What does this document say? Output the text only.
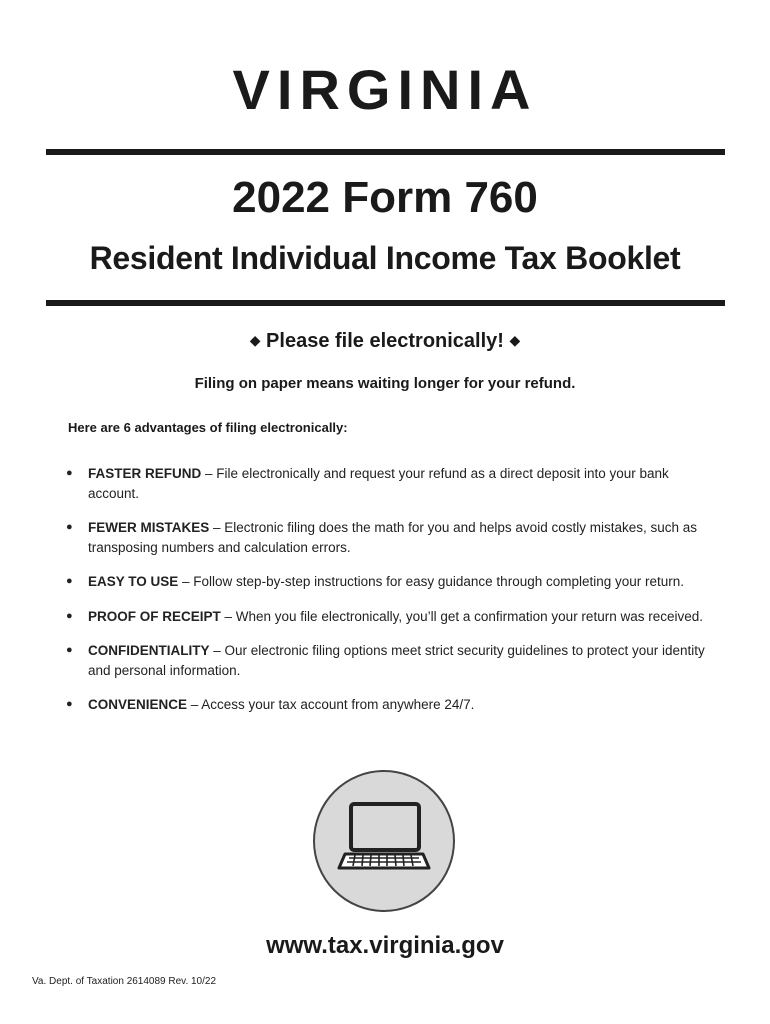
VIRGINIA
2022 Form 760
Resident Individual Income Tax Booklet
◆ Please file electronically! ◆
Filing on paper means waiting longer for your refund.
Here are 6 advantages of filing electronically:
● FASTER REFUND – File electronically and request your refund as a direct deposit into your bank account.
● FEWER MISTAKES – Electronic filing does the math for you and helps avoid costly mistakes, such as transposing numbers and calculation errors.
● EASY TO USE – Follow step-by-step instructions for easy guidance through completing your return.
● PROOF OF RECEIPT – When you file electronically, you’ll get a confirmation your return was received.
● CONFIDENTIALITY – Our electronic filing options meet strict security guidelines to protect your identity and personal information.
● CONVENIENCE – Access your tax account from anywhere 24/7.
www.tax.virginia.gov
Va. Dept. of Taxation 2614089 Rev. 10/22
